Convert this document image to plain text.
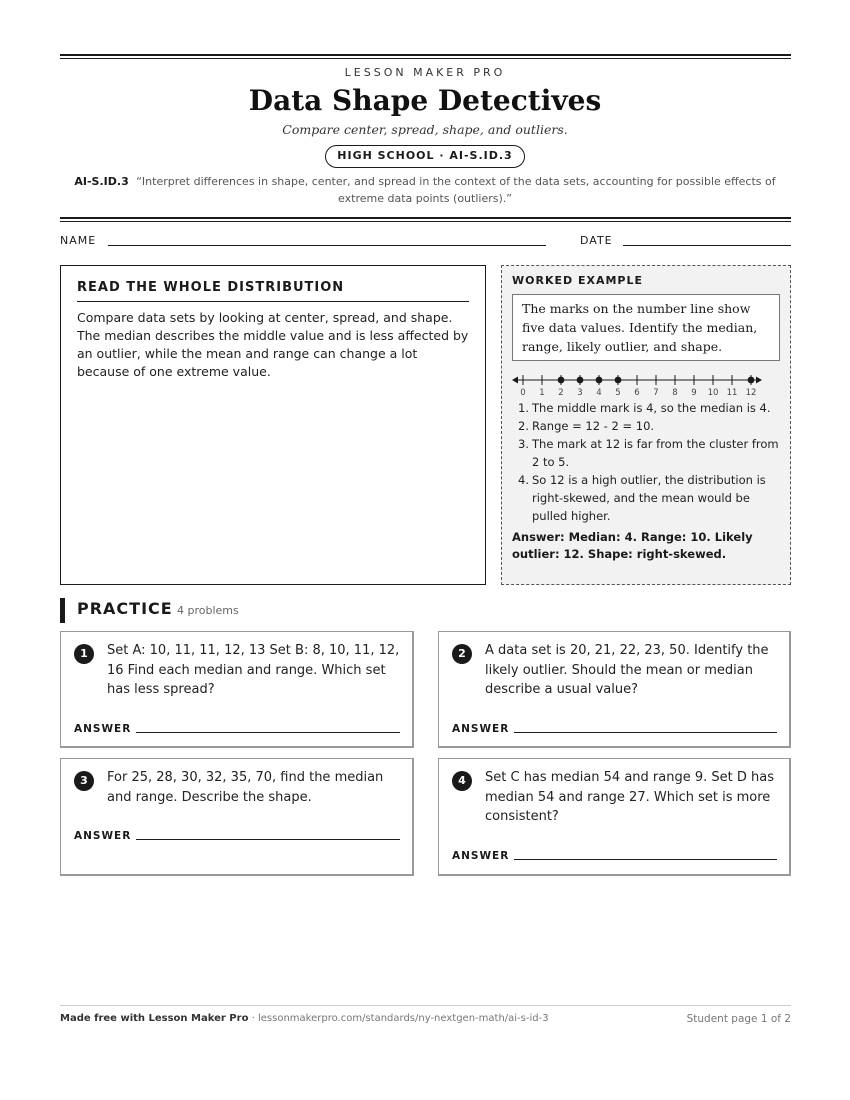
LESSON MAKER PRO
Data Shape Detectives
Compare center, spread, shape, and outliers.
HIGH SCHOOL · AI-S.ID.3
AI-S.ID.3 “Interpret differences in shape, center, and spread in the context of the data sets, accounting for possible effects of extreme data points (outliers).”
NAME	DATE
READ THE WHOLE DISTRIBUTION

Compare data sets by looking at center, spread, and shape. The median describes the middle value and is less affected by an outlier, while the mean and range can change a lot because of one extreme value.

WORKED EXAMPLE
The marks on the number line show five data values. Identify the median, range, likely outlier, and shape.
0 1 2 3 4 5 6 7 8 9 10 11 12
1. The middle mark is 4, so the median is 4.
2. Range = 12 - 2 = 10.
3. The mark at 12 is far from the cluster from 2 to 5.
4. So 12 is a high outlier, the distribution is right-skewed, and the mean would be pulled higher.
Answer: Median: 4. Range: 10. Likely outlier: 12. Shape: right-skewed.
PRACTICE 4 problems
1	Set A: 10, 11, 11, 12, 13 Set B: 8, 10, 11, 12, 16 Find each median and range. Which set has less spread?
ANSWER
2	A data set is 20, 21, 22, 23, 50. Identify the likely outlier. Should the mean or median describe a usual value?
ANSWER
3	For 25, 28, 30, 32, 35, 70, find the median and range. Describe the shape.
ANSWER
4	Set C has median 54 and range 9. Set D has median 54 and range 27. Which set is more consistent?
ANSWER
Made free with Lesson Maker Pro · lessonmakerpro.com/standards/ny-nextgen-math/ai-s-id-3	Student page 1 of 2
